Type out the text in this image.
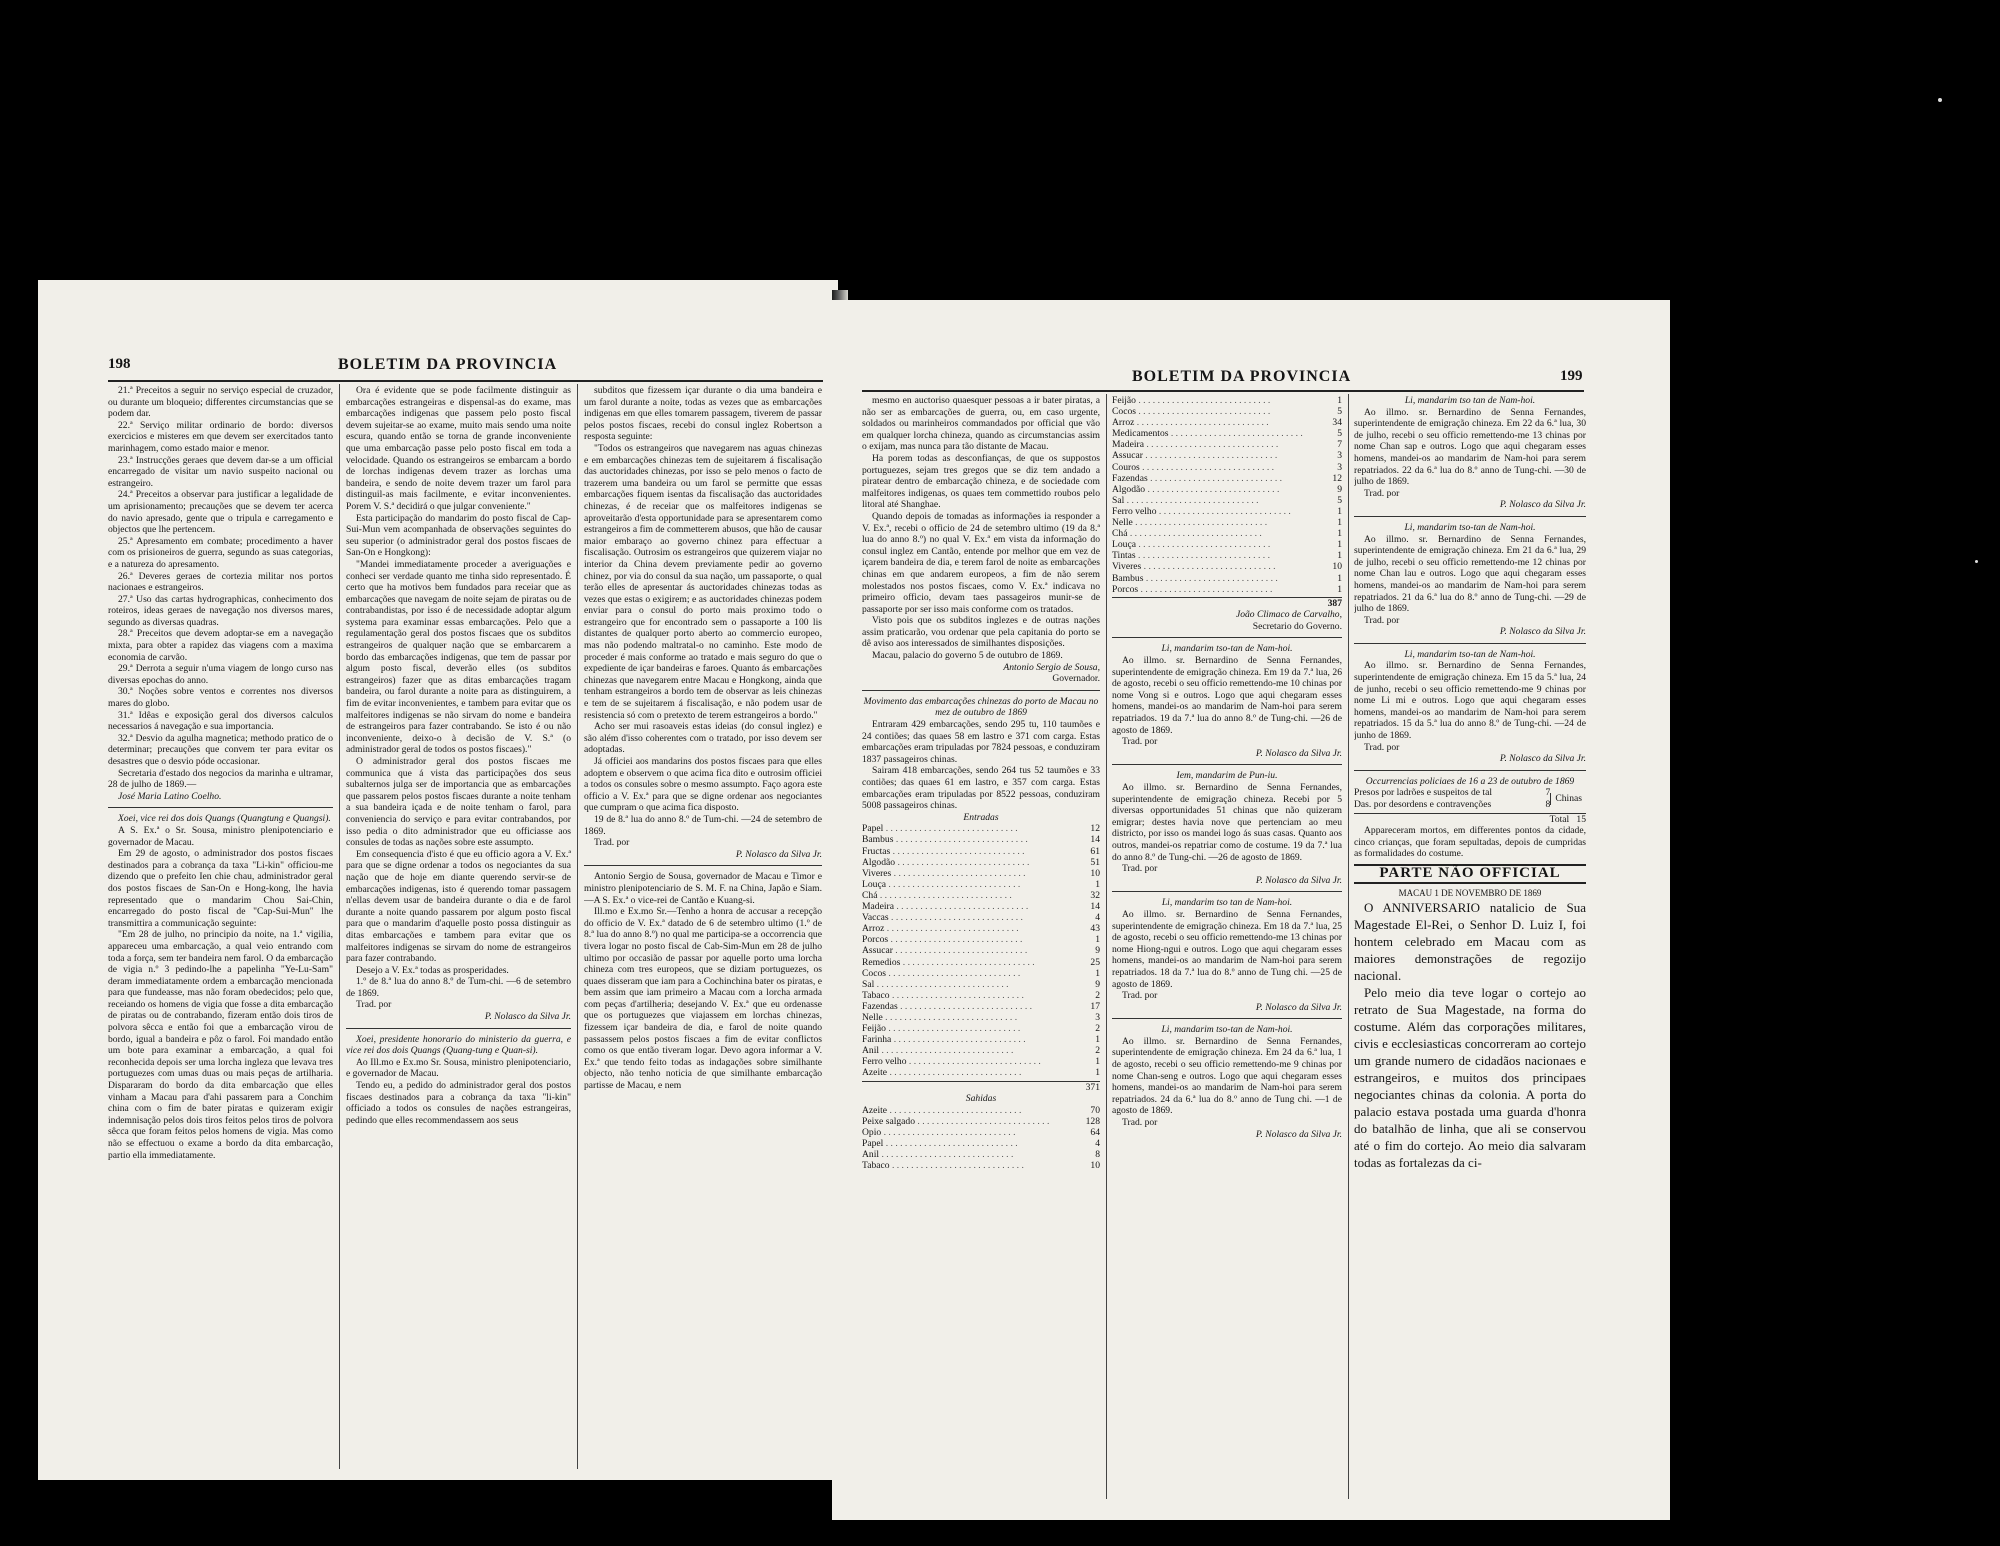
198	BOLETIM DA PROVINCIA

21.ª Preceitos a seguir no serviço especial de cruzador, ou durante um bloqueio; differentes circumstancias que se podem dar.

22.ª Serviço militar ordinario de bordo: diversos exercicios e misteres em que devem ser exercitados tanto marinhagem, como estado maior e menor.

23.ª Instrucções geraes que devem dar-se a um official encarregado de visitar um navio suspeito nacional ou estrangeiro.

24.ª Preceitos a observar para justificar a legalidade de um aprisionamento; precauções que se devem ter acerca do navio apresado, gente que o tripula e carregamento e objectos que lhe pertencem.

25.ª Apresamento em combate; procedimento a haver com os prisioneiros de guerra, segundo as suas categorias, e a natureza do apresamento.

26.ª Deveres geraes de cortezia militar nos portos nacionaes e estrangeiros.

27.ª Uso das cartas hydrographicas, conhecimento dos roteiros, ideas geraes de navegação nos diversos mares, segundo as diversas quadras.

28.ª Preceitos que devem adoptar-se em a navegação mixta, para obter a rapidez das viagens com a maxima economia de carvão.

29.ª Derrota a seguir n'uma viagem de longo curso nas diversas epochas do anno.

30.ª Noções sobre ventos e correntes nos diversos mares do globo.

31.ª Idêas e exposição geral dos diversos calculos necessarios á navegação e sua importancia.

32.ª Desvio da agulha magnetica; methodo pratico de o determinar; precauções que convem ter para evitar os desastres que o desvio póde occasionar.

Secretaria d'estado dos negocios da marinha e ultramar, 28 de julho de 1869.—

José Maria Latino Coelho.

Xoei, vice rei dos dois Quangs (Quangtung e Quangsi).

A S. Ex.ª o Sr. Sousa, ministro plenipotenciario e governador de Macau.

Em 29 de agosto, o administrador dos postos fiscaes destinados para a cobrança da taxa "Li-kin" officiou-me dizendo que o prefeito Ien chie chau, administrador geral dos postos fiscaes de San-On e Hong-kong, lhe havia representado que o mandarim Chou Sai-Chin, encarregado do posto fiscal de "Cap-Sui-Mun" lhe transmittira a communicação seguinte:

"Em 28 de julho, no principio da noite, na 1.ª vigilia, appareceu uma embarcação, a qual veio entrando com toda a força, sem ter bandeira nem farol. O da embarcação de vigia n.º 3 pedindo-lhe a papelinha "Ye-Lu-Sam" deram immediatamente ordem a embarcação mencionada para que fundeasse, mas não foram obedecidos; pelo que, receiando os homens de vigia que fosse a dita embarcação de piratas ou de contrabando, fizeram então dois tiros de polvora sêcca e então foi que a embarcação virou de bordo, igual a bandeira e pôz o farol. Foi mandado então um bote para examinar a embarcação, a qual foi reconhecida depois ser uma lorcha ingleza que levava tres portuguezes com umas duas ou mais peças de artilharia. Dispararam do bordo da dita embarcação que elles vinham a Macau para d'ahi passarem para a Conchim china com o fim de bater piratas e quizeram exigir indemnisação pelos dois tiros feitos pelos tiros de polvora sêcca que foram feitos pelos homens de vigia. Mas como não se effectuou o exame a bordo da dita embarcação, partio ella immediatamente.

Ora é evidente que se pode facilmente distinguir as embarcações estrangeiras e dispensal-as do exame, mas embarcações indigenas que passem pelo posto fiscal devem sujeitar-se ao exame, muito mais sendo uma noite escura, quando então se torna de grande inconveniente que uma embarcação passe pelo posto fiscal em toda a velocidade. Quando os estrangeiros se embarcam a bordo de lorchas indigenas devem trazer as lorchas uma bandeira, e sendo de noite devem trazer um farol para distinguil-as mais facilmente, e evitar inconvenientes. Porem V. S.ª decidirá o que julgar conveniente."

Esta participação do mandarim do posto fiscal de Cap-Sui-Mun vem acompanhada de observações seguintes do seu superior (o administrador geral dos postos fiscaes de San-On e Hongkong):

"Mandei immediatamente proceder a averiguações e conheci ser verdade quanto me tinha sido representado. É certo que ha motivos bem fundados para receiar que as embarcações que navegam de noite sejam de piratas ou de contrabandistas, por isso é de necessidade adoptar algum systema para examinar essas embarcações. Pelo que a regulamentação geral dos postos fiscaes que os subditos estrangeiros de qualquer nação que se embarcarem a bordo das embarcações indigenas, que tem de passar por algum posto fiscal, deverão elles (os subditos estrangeiros) fazer que as ditas embarcações tragam bandeira, ou farol durante a noite para as distinguirem, a fim de evitar inconvenientes, e tambem para evitar que os malfeitores indigenas se não sirvam do nome e bandeira de estrangeiros para fazer contrabando. Se isto é ou não inconveniente, deixo-o à decisão de V. S.ª (o administrador geral de todos os postos fiscaes)."

O administrador geral dos postos fiscaes me communica que á vista das participações dos seus subalternos julga ser de importancia que as embarcações que passarem pelos postos fiscaes durante a noite tenham a sua bandeira içada e de noite tenham o farol, para conveniencia do serviço e para evitar contrabandos, por isso pedia o dito administrador que eu officiasse aos consules de todas as nações sobre este assumpto.

Em consequencia d'isto é que eu officio agora a V. Ex.ª para que se digne ordenar a todos os negociantes da sua nação que de hoje em diante querendo servir-se de embarcações indigenas, isto é querendo tomar passagem n'ellas devem usar de bandeira durante o dia e de farol durante a noite quando passarem por algum posto fiscal para que o mandarim d'aquelle posto possa distinguir as ditas embarcações e tambem para evitar que os malfeitores indigenas se sirvam do nome de estrangeiros para fazer contrabando.

Desejo a V. Ex.ª todas as prosperidades.

1.º de 8.ª lua do anno 8.º de Tum-chi. —6 de setembro de 1869.

Trad. por

P. Nolasco da Silva Jr.

Xoei, presidente honorario do ministerio da guerra, e vice rei dos dois Quangs (Quang-tung e Quan-si).

Ao Ill.mo e Ex.mo Sr. Sousa, ministro plenipotenciario, e governador de Macau.

Tendo eu, a pedido do administrador geral dos postos fiscaes destinados para a cobrança da taxa "li-kin" officiado a todos os consules de nações estrangeiras, pedindo que elles recommendassem aos seus

subditos que fizessem içar durante o dia uma bandeira e um farol durante a noite, todas as vezes que as embarcações indigenas em que elles tomarem passagem, tiverem de passar pelos postos fiscaes, recebi do consul inglez Robertson a resposta seguinte:

"Todos os estrangeiros que navegarem nas aguas chinezas e em embarcações chinezas tem de sujeitarem á fiscalisação das auctoridades chinezas, por isso se pelo menos o facto de trazerem uma bandeira ou um farol se permitte que essas embarcações fiquem isentas da fiscalisação das auctoridades chinezas, é de receiar que os malfeitores indigenas se aproveitarão d'esta opportunidade para se apresentarem como estrangeiros a fim de commetterem abusos, que hão de causar maior embaraço ao governo chinez para effectuar a fiscalisação. Outrosim os estrangeiros que quizerem viajar no interior da China devem previamente pedir ao governo chinez, por via do consul da sua nação, um passaporte, o qual terão elles de apresentar ás auctoridades chinezas todas as vezes que estas o exigirem; e as auctoridades chinezas podem enviar para o consul do porto mais proximo todo o estrangeiro que for encontrado sem o passaporte a 100 lis distantes de qualquer porto aberto ao commercio europeo, mas não podendo maltratal-o no caminho. Este modo de proceder é mais conforme ao tratado e mais seguro do que o expediente de içar bandeiras e faroes. Quanto ás embarcações chinezas que navegarem entre Macau e Hongkong, ainda que tenham estrangeiros a bordo tem de observar as leis chinezas e tem de se sujeitarem á fiscalisação, e não podem usar de resistencia só com o pretexto de terem estrangeiros a bordo."

Acho ser mui rasoaveis estas ideias (do consul inglez) e são além d'isso coherentes com o tratado, por isso devem ser adoptadas.

Já officiei aos mandarins dos postos fiscaes para que elles adoptem e observem o que acima fica dito e outrosim officiei a todos os consules sobre o mesmo assumpto. Faço agora este officio a V. Ex.ª para que se digne ordenar aos negociantes que cumpram o que acima fica disposto.

19 de 8.ª lua do anno 8.º de Tum-chi. —24 de setembro de 1869.

Trad. por

P. Nolasco da Silva Jr.

Antonio Sergio de Sousa, governador de Macau e Timor e ministro plenipotenciario de S. M. F. na China, Japão e Siam. —A S. Ex.ª o vice-rei de Cantão e Kuang-si.

Ill.mo e Ex.mo Sr.—Tenho a honra de accusar a recepção do officio de V. Ex.ª datado de 6 de setembro ultimo (1.º de 8.ª lua do anno 8.º) no qual me participa-se a occorrencia que tivera logar no posto fiscal de Cab-Sim-Mun em 28 de julho ultimo por occasião de passar por aquelle porto uma lorcha chineza com tres europeos, que se diziam portuguezes, os quaes disseram que iam para a Cochinchina bater os piratas, e bem assim que iam primeiro a Macau com a lorcha armada com peças d'artilheria; desejando V. Ex.ª que eu ordenasse que os portuguezes que viajassem em lorchas chinezas, fizessem içar bandeira de dia, e farol de noite quando passassem pelos postos fiscaes a fim de evitar conflictos como os que então tiveram logar. Devo agora informar a V. Ex.ª que tendo feito todas as indagações sobre similhante objecto, não tenho noticia de que similhante embarcação partisse de Macau, e nem

BOLETIM DA PROVINCIA	199

mesmo en auctoriso quaesquer pessoas a ir bater piratas, a não ser as embarcações de guerra, ou, em caso urgente, soldados ou marinheiros commandados por official que vão em qualquer lorcha chineza, quando as circumstancias assim o exijam, mas nunca para tão distante de Macau.

Ha porem todas as desconfianças, de que os suppostos portuguezes, sejam tres gregos que se diz tem andado a piratear dentro de embarcação chineza, e de sociedade com malfeitores indigenas, os quaes tem commettido roubos pelo litoral até Shanghae.

Quando depois de tomadas as informações ia responder a V. Ex.ª, recebi o officio de 24 de setembro ultimo (19 da 8.ª lua do anno 8.º) no qual V. Ex.ª em vista da informação do consul inglez em Cantão, entende por melhor que em vez de içarem bandeira de dia, e terem farol de noite as embarcações chinas em que andarem europeos, a fim de não serem molestados nos postos fiscaes, como V. Ex.ª indicava no primeiro officio, devam taes passageiros munir-se de passaporte por ser isso mais conforme com os tratados.

Visto pois que os subditos inglezes e de outras nações assim praticarão, vou ordenar que pela capitania do porto se dê aviso aos interessados de similhantes disposições.

Macau, palacio do governo 5 de outubro de 1869.

Antonio Sergio de Sousa,

Governador.

Movimento das embarcações chinezas do porto de Macau no mez de outubro de 1869

Entraram 429 embarcações, sendo 295 tu, 110 taumões e 24 contiões; das quaes 58 em lastro e 371 com carga. Estas embarcações eram tripuladas por 7824 pessoas, e conduziram 1837 passageiros chinas.

Sairam 418 embarcações, sendo 264 tus 52 taumões e 33 contiões; das quaes 61 em lastro, e 357 com carga. Estas embarcações eram tripuladas por 8522 pessoas, conduziram 5008 passageiros chinas.

Entradas

Papel . . .	12
Bambus . . .	14
Fructas . . .	61
Algodão . . .	51
Viveres . . .	10
Louça . . .	1
Chá . . .	32
Madeira . . .	14
Vaccas . . .	4
Arroz . . .	43
Porcos . . .	1
Assucar . . .	9
Remedios . . .	25
Cocos . . .	1
Sal . . .	9
Tabaco . . .	2
Fazendas . . .	17
Nelle . . .	3
Feijão . . .	2
Farinha . . .	1
Anil . . .	2
Ferro velho . . .	1
Azeite . . .	1
371

Sahidas

Azeite . . .	70
Peixe salgado . . .	128
Opio . . .	64
Papel . . .	4
Anil . . .	8
Tabaco . . .	10
Feijão . . .	1
Cocos . . .	5
Arroz . . .	34
Medicamentos . . .	5
Madeira . . .	7
Assucar . . .	3
Couros . . .	3
Fazendas . . .	12
Algodão . . .	9
Sal . . .	5
Ferro velho . . .	1
Nelle . . .	1
Chá . . .	1
Louça . . .	1
Tintas . . .	1
Viveres . . .	10
Bambus . . .	1
Porcos . . .	1
387

João Climaco de Carvalho,

Secretario do Governo.

Li, mandarim tso-tan de Nam-hoi.

Ao illmo. sr. Bernardino de Senna Fernandes, superintendente de emigração chineza. Em 19 da 7.ª lua, 26 de agosto, recebi o seu officio remettendo-me 10 chinas por nome Vong si e outros. Logo que aqui chegaram esses homens, mandei-os ao mandarim de Nam-hoi para serem repatriados. 19 da 7.ª lua do anno 8.º de Tung-chi. —26 de agosto de 1869.

Trad. por

P. Nolasco da Silva Jr.

Iem, mandarim de Pun-iu.

Ao illmo. sr. Bernardino de Senna Fernandes, superintendente de emigração chineza. Recebi por 5 diversas opportunidades 51 chinas que não quizeram emigrar; destes havia nove que pertenciam ao meu districto, por isso os mandei logo ás suas casas. Quanto aos outros, mandei-os repatriar como de costume. 19 da 7.ª lua do anno 8.º de Tung-chi. —26 de agosto de 1869.

Trad. por

P. Nolasco da Silva Jr.

Li, mandarim tso tan de Nam-hoi.

Ao illmo. sr. Bernardino de Senna Fernandes, superintendente de emigração chineza. Em 18 da 7.ª lua, 25 de agosto, recebi o seu officio remettendo-me 13 chinas por nome Hiong-ngui e outros. Logo que aqui chegaram esses homens, mandei-os ao mandarim de Nam-hoi para serem repatriados. 18 da 7.ª lua do 8.º anno de Tung chi. —25 de agosto de 1869.

Trad. por

P. Nolasco da Silva Jr.

Li, mandarim tso-tan de Nam-hoi.

Ao illmo. sr. Bernardino de Senna Fernandes, superintendente de emigração chineza. Em 24 da 6.ª lua, 1 de agosto, recebi o seu officio remettendo-me 9 chinas por nome Chan-seng e outros. Logo que aqui chegaram esses homens, mandei-os ao mandarim de Nam-hoi para serem repatriados. 24 da 6.ª lua do 8.º anno de Tung chi. —1 de agosto de 1869.

Trad. por

P. Nolasco da Silva Jr.

Li, mandarim tso tan de Nam-hoi.

Ao illmo. sr. Bernardino de Senna Fernandes, superintendente de emigração chineza. Em 22 da 6.ª lua, 30 de julho, recebi o seu officio remettendo-me 13 chinas por nome Chan sap e outros. Logo que aqui chegaram esses homens, mandei-os ao mandarim de Nam-hoi para serem repatriados. 22 da 6.ª lua do 8.º anno de Tung-chi. —30 de julho de 1869.

Trad. por

P. Nolasco da Silva Jr.

Li, mandarim tso-tan de Nam-hoi.

Ao illmo. sr. Bernardino de Senna Fernandes, superintendente de emigração chineza. Em 21 da 6.ª lua, 29 de julho, recebi o seu officio remettendo-me 12 chinas por nome Chan lau e outros. Logo que aqui chegaram esses homens, mandei-os ao mandarim de Nam-hoi para serem repatriados. 21 da 6.ª lua do 8.º anno de Tung-chi. —29 de julho de 1869.

Trad. por

P. Nolasco da Silva Jr.

Li, mandarim tso-tan de Nam-hoi.

Ao illmo. sr. Bernardino de Senna Fernandes, superintendente de emigração chineza. Em 15 da 5.ª lua, 24 de junho, recebi o seu officio remettendo-me 9 chinas por nome Li mi e outros. Logo que aqui chegaram esses homens, mandei-os ao mandarim de Nam-hoi para serem repatriados. 15 da 5.ª lua do anno 8.º de Tung-chi. —24 de junho de 1869.

Trad. por

P. Nolasco da Silva Jr.

Occurrencias policiaes de 16 a 23 de outubro de 1869

Presos por ladrões e suspeitos de tal	7
Das. por desordens e contravenções	8
Chinas
Total 15

Appareceram mortos, em differentes pontos da cidade, cinco crianças, que foram sepultadas, depois de cumpridas as formalidades do costume.

PARTE NÃO OFFICIAL

MACAU 1 DE NOVEMBRO DE 1869

O ANNIVERSARIO natalicio de Sua Magestade El-Rei, o Senhor D. Luiz I, foi hontem celebrado em Macau com as maiores demonstrações de regozijo nacional.

Pelo meio dia teve logar o cortejo ao retrato de Sua Magestade, na forma do costume. Além das corporações militares, civis e ecclesiasticas concorreram ao cortejo um grande numero de cidadãos nacionaes e estrangeiros, e muitos dos principaes negociantes chinas da colonia. A porta do palacio estava postada uma guarda d'honra do batalhão de linha, que ali se conservou até o fim do cortejo. Ao meio dia salvaram todas as fortalezas da ci-
